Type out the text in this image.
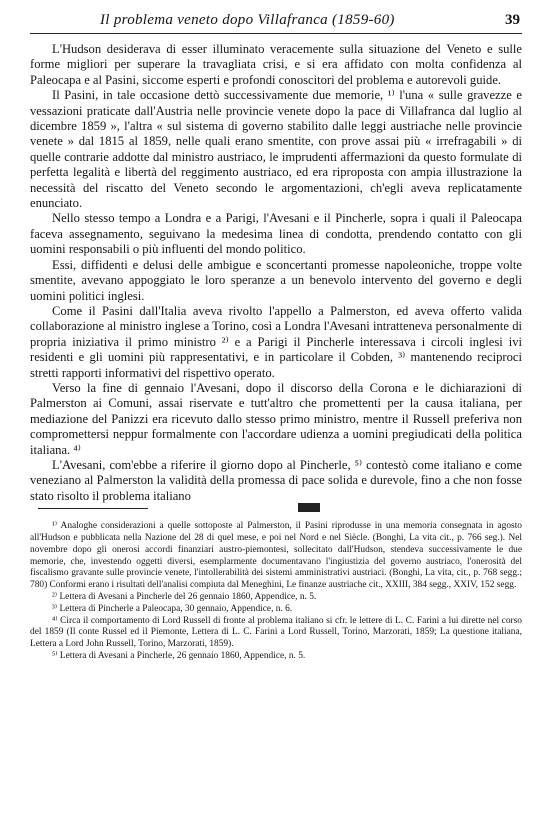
Il problema veneto dopo Villafranca (1859-60)	39

L'Hudson desiderava di esser illuminato veracemente sulla situazione del Veneto e sulle forme migliori per superare la travagliata crisi, e si era affidato con molta confidenza al Paleocapa e al Pasini, siccome esperti e profondi conoscitori del problema e autorevoli guide.

Il Pasini, in tale occasione dettò successivamente due memorie, ¹⁾ l'una « sulle gravezze e vessazioni praticate dall'Austria nelle provincie venete dopo la pace di Villafranca dal luglio al dicembre 1859 », l'altra « sul sistema di governo stabilito dalle leggi austriache nelle provincie venete » dal 1815 al 1859, nelle quali erano smentite, con prove assai più « irrefragabili » di quelle contrarie addotte dal ministro austriaco, le imprudenti affermazioni da questo formulate di perfetta legalità e libertà del reggimento austriaco, ed era riproposta con ampia illustrazione la necessità del riscatto del Veneto secondo le argomentazioni, ch'egli aveva replicatamente enunciato.

Nello stesso tempo a Londra e a Parigi, l'Avesani e il Pincherle, sopra i quali il Paleocapa faceva assegnamento, seguivano la medesima linea di condotta, prendendo contatto con gli uomini responsabili o più influenti del mondo politico.

Essi, diffidenti e delusi delle ambigue e sconcertanti promesse napoleoniche, troppe volte smentite, avevano appoggiato le loro speranze a un benevolo intervento del governo e degli uomini politici inglesi.

Come il Pasini dall'Italia aveva rivolto l'appello a Palmerston, ed aveva offerto valida collaborazione al ministro inglese a Torino, così a Londra l'Avesani intratteneva personalmente di propria iniziativa il primo ministro ²⁾ e a Parigi il Pincherle interessava i circoli inglesi ivi residenti e gli uomini più rappresentativi, e in particolare il Cobden, ³⁾ mantenendo reciproci stretti rapporti informativi del rispettivo operato.

Verso la fine di gennaio l'Avesani, dopo il discorso della Corona e le dichiarazioni di Palmerston ai Comuni, assai riservate e tutt'altro che promettenti per la causa italiana, per mediazione del Panizzi era ricevuto dallo stesso primo ministro, mentre il Russell preferiva non compromettersi neppur formalmente con l'accordare udienza a uomini pregiudicati della politica italiana. ⁴⁾

L'Avesani, com'ebbe a riferire il giorno dopo al Pincherle, ⁵⁾ contestò come italiano e come veneziano al Palmerston la validità della promessa di pace solida e durevole, fino a che non fosse stato risolto il problema italiano

¹⁾ Analoghe considerazioni a quelle sottoposte al Palmerston, il Pasini riprodusse in una memoria consegnata in agosto all'Hudson e pubblicata nella Nazione del 28 di quel mese, e poi nel Nord e nel Siècle. (Bonghi, La vita cit., p. 766 seg.). Nel novembre dopo gli onerosi accordi finanziari austro-piemontesi, sollecitato dall'Hudson, stendeva successivamente le due memorie, che, investendo oggetti diversi, esemplarmente documentavano l'ingiustizia del governo austriaco, l'onerosità del fiscalismo gravante sulle provincie venete, l'intollerabilità dei sistemi amministrativi austriaci. (Bonghi, La vita, cit., p. 768 segg.; 780) Conformi erano i risultati dell'analisi compiuta dal Meneghini, Le finanze austriache cit., XXIII, 384 segg., XXIV, 152 segg.

²⁾ Lettera di Avesani a Pincherle del 26 gennaio 1860, Appendice, n. 5.

³⁾ Lettera di Pincherle a Paleocapa, 30 gennaio, Appendice, n. 6.

⁴⁾ Circa il comportamento di Lord Russell di fronte al problema italiano si cfr. le lettere di L. C. Farini a lui dirette nel corso del 1859 (Il conte Russel ed il Piemonte, Lettera di L. C. Farini a Lord Russell, Torino, Marzorati, 1859; La questione italiana, Lettera a Lord John Russell, Torino, Marzorati, 1859).

⁵⁾ Lettera di Avesani a Pincherle, 26 gennaio 1860, Appendice, n. 5.
